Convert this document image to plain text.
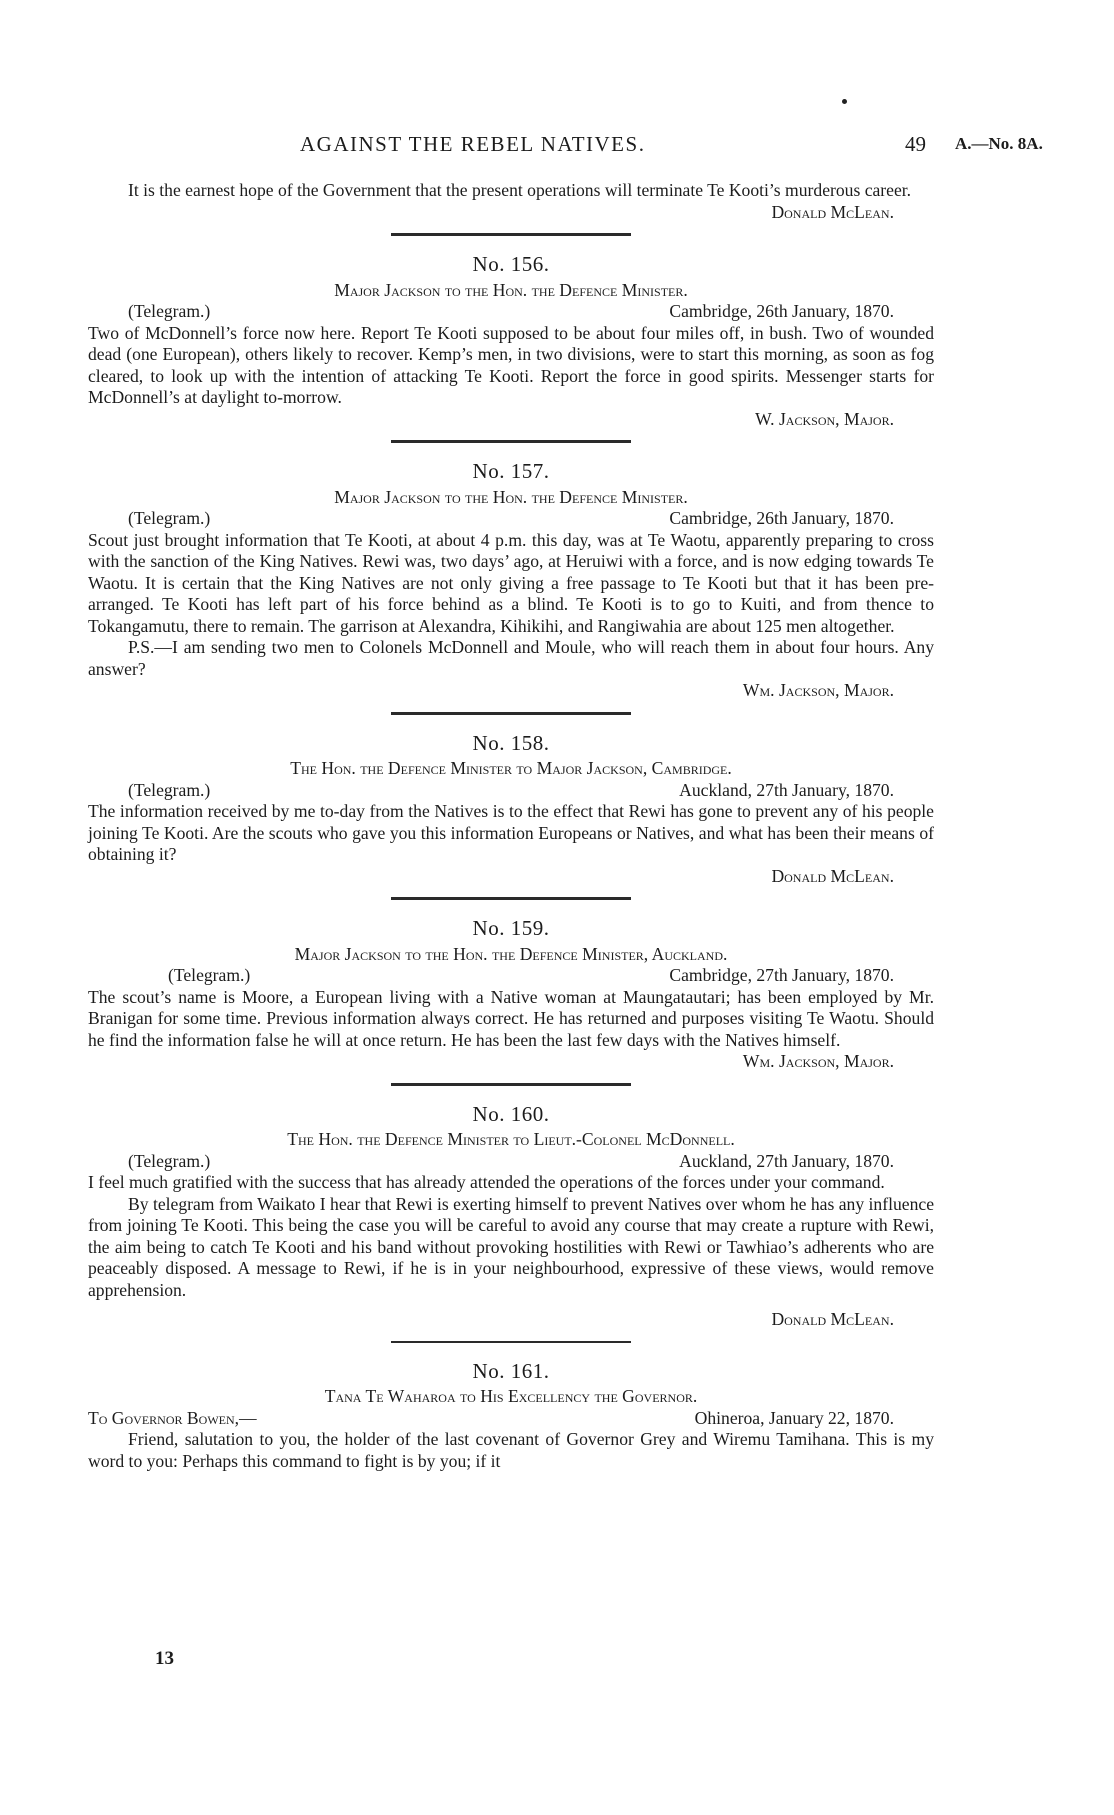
AGAINST THE REBEL NATIVES.	49 A.—No. 8A.

It is the earnest hope of the Government that the present operations will terminate Te Kooti’s murderous career.

Donald McLean.

No. 156.

Major Jackson to the Hon. the Defence Minister.

(Telegram.)	Cambridge, 26th January, 1870.

Two of McDonnell’s force now here. Report Te Kooti supposed to be about four miles off, in bush. Two of wounded dead (one European), others likely to recover. Kemp’s men, in two divisions, were to start this morning, as soon as fog cleared, to look up with the intention of attacking Te Kooti. Report the force in good spirits. Messenger starts for McDonnell’s at daylight to-morrow.

W. Jackson, Major.

No. 157.

Major Jackson to the Hon. the Defence Minister.

(Telegram.)	Cambridge, 26th January, 1870.

Scout just brought information that Te Kooti, at about 4 p.m. this day, was at Te Waotu, apparently preparing to cross with the sanction of the King Natives. Rewi was, two days’ ago, at Heruiwi with a force, and is now edging towards Te Waotu. It is certain that the King Natives are not only giving a free passage to Te Kooti but that it has been pre-arranged. Te Kooti has left part of his force behind as a blind. Te Kooti is to go to Kuiti, and from thence to Tokangamutu, there to remain. The garrison at Alexandra, Kihikihi, and Rangiwahia are about 125 men altogether.

P.S.—I am sending two men to Colonels McDonnell and Moule, who will reach them in about four hours. Any answer?

Wm. Jackson, Major.

No. 158.

The Hon. the Defence Minister to Major Jackson, Cambridge.

(Telegram.)	Auckland, 27th January, 1870.

The information received by me to-day from the Natives is to the effect that Rewi has gone to prevent any of his people joining Te Kooti. Are the scouts who gave you this information Europeans or Natives, and what has been their means of obtaining it?

Donald McLean.

No. 159.

Major Jackson to the Hon. the Defence Minister, Auckland.

(Telegram.)	Cambridge, 27th January, 1870.

The scout’s name is Moore, a European living with a Native woman at Maungatautari; has been employed by Mr. Branigan for some time. Previous information always correct. He has returned and purposes visiting Te Waotu. Should he find the information false he will at once return. He has been the last few days with the Natives himself.

Wm. Jackson, Major.

No. 160.

The Hon. the Defence Minister to Lieut.-Colonel McDonnell.

(Telegram.)	Auckland, 27th January, 1870.

I feel much gratified with the success that has already attended the operations of the forces under your command.

By telegram from Waikato I hear that Rewi is exerting himself to prevent Natives over whom he has any influence from joining Te Kooti. This being the case you will be careful to avoid any course that may create a rupture with Rewi, the aim being to catch Te Kooti and his band without provoking hostilities with Rewi or Tawhiao’s adherents who are peaceably disposed. A message to Rewi, if he is in your neighbourhood, expressive of these views, would remove apprehension.

Donald McLean.

No. 161.

Tana Te Waharoa to His Excellency the Governor.

To Governor Bowen,—	Ohineroa, January 22, 1870.

Friend, salutation to you, the holder of the last covenant of Governor Grey and Wiremu Tamihana. This is my word to you: Perhaps this command to fight is by you; if it

13
